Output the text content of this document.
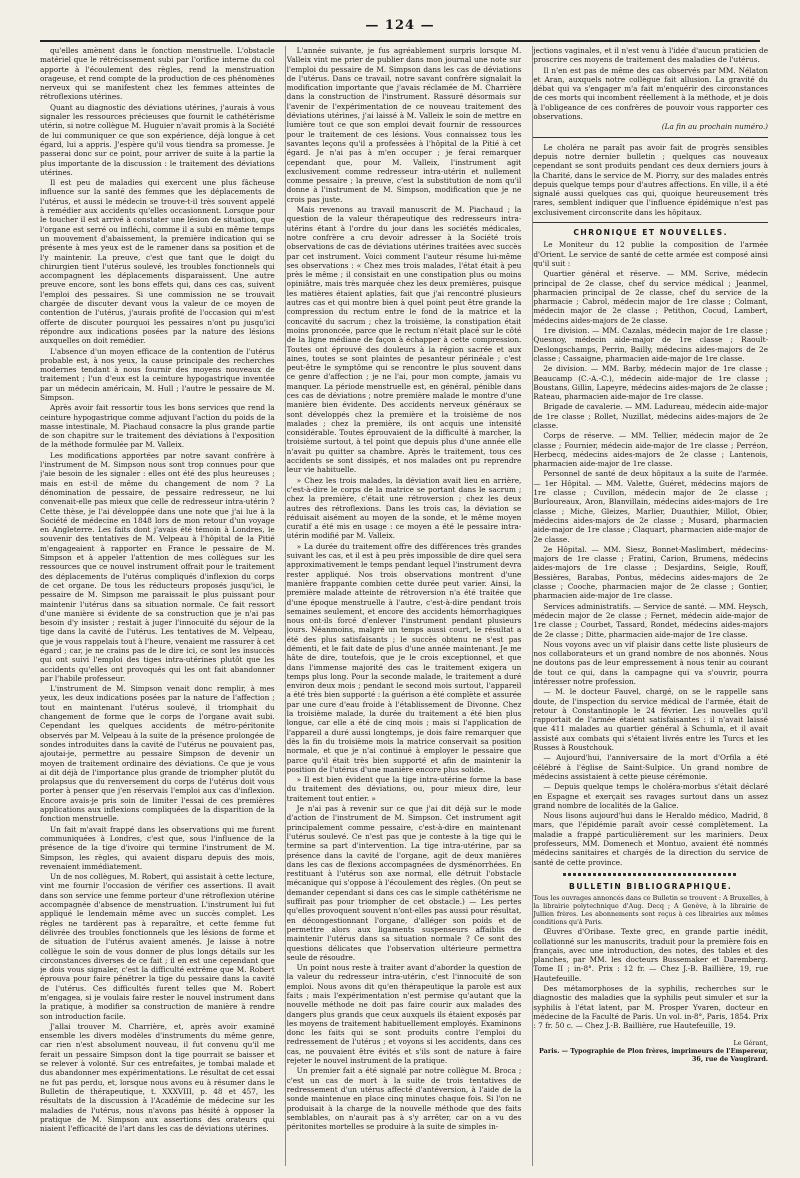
— 124 —

qu'elles amènent dans le fonction menstruelle. L'obstacle matériel que le rétrécissement subi par l'orifice interne du col apporte à l'écoulement des règles, rend la menstruation orageuse, et rend compte de la production de ces phénomènes nerveux qui se manifestent chez les femmes atteintes de rétroflexions utérines.

Quant au diagnostic des déviations utérines, j'aurais à vous signaler les ressources précieuses que fournit le cathétérisme utérin, si notre collègue M. Huguier n'avait promis à la Société de lui communiquer ce que son expérience, déjà longue à cet égard, lui a appris. J'espère qu'il vous tiendra sa promesse. Je passerai donc sur ce point, pour arriver de suite à la partie la plus importante de la discussion : le traitement des déviations utérines.

Il est peu de maladies qui exercent une plus fâcheuse influence sur la santé des femmes que les déplacements de l'utérus, et aussi le médecin se trouve-t-il très souvent appelé à remédier aux accidents qu'elles occasionnent. Lorsque pour le toucher il est arrivé à constater une lésion de situation, que l'organe est serré ou infléchi, comme il a subi en même temps un mouvement d'abaissement, la première indication qui se présente à mes yeux est de le ramener dans sa position et de l'y maintenir. La preuve, c'est que tant que le doigt du chirurgien tient l'utérus soulevé, les troubles fonctionnels qui accompagnent les déplacements disparaissent. Une autre preuve encore, sont les bons effets qui, dans ces cas, suivent l'emploi des pessaires. Si une commission ne se trouvait chargée de discuter devant vous la valeur de ce moyen de contention de l'utérus, j'aurais profité de l'occasion qui m'est offerte de discuter pourquoi les pessaires n'ont pu jusqu'ici répondre aux indications posées par la nature des lésions auxquelles on doit remédier.

L'absence d'un moyen efficace de la contention de l'utérus probable est, à nos yeux, la cause principale des recherches modernes tendant à nous fournir des moyens nouveaux de traitement ; l'un d'eux est la ceinture hypogastrique inventée par un médecin américain, M. Hull ; l'autre le pessaire de M. Simpson.

Après avoir fait ressortir tous les bons services que rend la ceinture hypogastrique comme adjuvant l'action du poids de la masse intestinale, M. Piachaud consacre la plus grande partie de son chapitre sur le traitement des déviations à l'exposition de la méthode formulée par M. Valleix.

Les modifications apportées par notre savant confrère à l'instrument de M. Simpson nous sont trop connues pour que j'aie besoin de les signaler : elles ont été des plus heureuses ; mais en est-il de même du changement de nom ? La dénomination de pessaire, de pessaire redresseur, ne lui convenait-elle pas mieux que celle de redresseur intra-utérin ? Cette thèse, je l'ai développée dans une note que j'ai lue à la Société de médecine en 1848 lors de mon retour d'un voyage en Angleterre. Les faits dont j'avais été témoin à Londres, le souvenir des tentatives de M. Velpeau à l'hôpital de la Pitié m'engageaient à rapporter en France le pessaire de M. Simpson et à appeler l'attention de mes collègues sur les ressources que ce nouvel instrument offrait pour le traitement des déplacements de l'utérus compliqués d'inflexion du corps de cet organe. De tous les réducteurs proposés jusqu'ici, le pessaire de M. Simpson me paraissait le plus puissant pour maintenir l'utérus dans sa situation normale. Ce fait ressort d'une manière si évidente de sa construction que je n'ai pas besoin d'y insister ; restait à juger l'innocuité du séjour de la tige dans la cavité de l'utérus. Les tentatives de M. Velpeau, que je vous rappelais tout à l'heure, venaient me rassurer à cet égard ; car, je ne crains pas de le dire ici, ce sont les insuccès qui ont suivi l'emploi des tiges intra-utérines plutôt que les accidents qu'elles ont provoqués qui les ont fait abandonner par l'habile professeur.

L'instrument de M. Simpson venait donc remplir, à mes yeux, les deux indications posées par la nature de l'affection ; tout en maintenant l'utérus soulevé, il triomphait du changement de forme que le corps de l'organe avait subi. Cependant les quelques accidents de métro-péritonite observés par M. Velpeau à la suite de la présence prolongée de sondes introduites dans la cavité de l'utérus ne pouvaient pas, ajoutai-je, permettre au pessaire Simpson de devenir un moyen de traitement ordinaire des déviations. Ce que je vous ai dit déjà de l'importance plus grande de triompher plutôt du prolapsus que du renversement du corps de l'utérus doit vous porter à penser que j'en réservais l'emploi aux cas d'inflexion. Encore avais-je pris soin de limiter l'essai de ces premières applications aux inflexions compliquées de la disparition de la fonction menstruelle.

Un fait m'avait frappé dans les observations qui me furent communiquées à Londres, c'est que, sous l'influence de la présence de la tige d'ivoire qui termine l'instrument de M. Simpson, les règles, qui avaient disparu depuis des mois, revenaient immédiatement.

Un de nos collègues, M. Robert, qui assistait à cette lecture, vint me fournir l'occasion de vérifier ces assertions. Il avait dans son service une femme porteur d'une rétroflexion utérine accompagnée d'absence de menstruation. L'instrument lui fut appliqué le lendemain même avec un succès complet. Les règles ne tardèrent pas à reparaître, et cette femme fut délivrée des troubles fonctionnels que les lésions de forme et de situation de l'utérus avaient amenés. Je laisse à notre collègue le soin de vous donner de plus longs détails sur les circonstances diverses de ce fait ; il en est une cependant que je dois vous signaler, c'est la difficulté extrême que M. Robert éprouva pour faire pénétrer la tige du pessaire dans la cavité de l'utérus. Ces difficultés furent telles que M. Robert m'engagea, si je voulais faire rester le nouvel instrument dans la pratique, à modifier sa construction de manière à rendre son introduction facile.

J'allai trouver M. Charrière, et, après avoir examiné ensemble les divers modèles d'instruments du même genre, car rien n'est absolument nouveau, il fut convenu qu'il me ferait un pessaire Simpson dont la tige pourrait se baisser et se relever à volonté. Sur ces entrefaites, je tombai malade et dus abandonner mes expérimentations. Le résultat de cet essai ne fut pas perdu, et, lorsque nous avons eu à résumer dans le Bulletin de thérapeutique, t. XXXVIII, p. 48 et 457, les résultats de la discussion à l'Académie de médecine sur les maladies de l'utérus, nous n'avons pas hésité à opposer la pratique de M. Simpson aux assertions des orateurs qui niaient l'efficacité de l'art dans les cas de déviations utérines.

L'année suivante, je fus agréablement surpris lorsque M. Valleix vint me prier de publier dans mon journal une note sur l'emploi du pessaire de M. Simpson dans les cas de déviations de l'utérus. Dans ce travail, notre savant confrère signalait la modification importante que j'avais réclamée de M. Charrière dans la construction de l'instrument. Rassuré désormais sur l'avenir de l'expérimentation de ce nouveau traitement des déviations utérines, j'ai laissé à M. Valleix le soin de mettre en lumière tout ce que son emploi devait fournir de ressources pour le traitement de ces lésions. Vous connaissez tous les savantes leçons qu'il a professées à l'hôpital de la Pitié à cet égard. Je n'ai pas à m'en occuper ; je ferai remarquer cependant que, pour M. Valleix, l'instrument agit exclusivement comme redresseur intra-utérin et nullement comme pessaire ; la preuve, c'est la substitution de nom qu'il donne à l'instrument de M. Simpson, modification que je ne crois pas juste.

Mais revenons au travail manuscrit de M. Piachaud ; la question de la valeur thérapeutique des redresseurs intra-utérins étant à l'ordre du jour dans les sociétés médicales, notre confrère a cru devoir adresser à la Société trois observations de cas de déviations utérines traitées avec succès par cet instrument. Voici comment l'auteur résume lui-même ses observations : « Chez mes trois malades, l'état était à peu près le même ; il consistait en une constipation plus ou moins opiniâtre, mais très marquée chez les deux premières, puisque les matières étaient aplaties, fait que j'ai rencontré plusieurs autres cas et qui montre bien à quel point peut être grande la compression du rectum entre le fond de la matrice et la concavité du sacrum ; chez la troisième, la constipation était moins prononcée, parce que le rectum n'était placé sur le côté de la ligne médiane de façon à échapper à cette compression. Toutes ont éprouvé des douleurs à la région sacrée et aux aines, toutes se sont plaintes de pesanteur périnéale ; c'est peut-être le symptôme qui se rencontre le plus souvent dans ce genre d'affection ; je ne l'ai, pour mon compte, jamais vu manquer. La période menstruelle est, en général, pénible dans ces cas de déviations ; notre première malade le montre d'une manière bien évidente. Des accidents nerveux généraux se sont développés chez la première et la troisième de nos malades ; chez la première, ils ont acquis une intensité considérable. Toutes éprouvaient de la difficulté à marcher, la troisième surtout, à tel point que depuis plus d'une année elle n'avait pu quitter sa chambre. Après le traitement, tous ces accidents se sont dissipés, et nos malades ont pu reprendre leur vie habituelle.

» Chez les trois malades, la déviation avait lieu en arrière, c'est-à-dire le corps de la matrice se portant dans le sacrum ; chez la première, c'était une rétroversion ; chez les deux autres des rétroflexions. Dans les trois cas, la déviation se réduisait aisément au moyen de la sonde, et le même moyen curatif a été mis en usage : ce moyen a été le pessaire intra-utérin modifié par M. Valleix.

» La durée du traitement offre des différences très grandes suivant les cas, et il est à peu près impossible de dire quel sera approximativement le temps pendant lequel l'instrument devra rester appliqué. Nos trois observations montrent d'une manière frappante combien cette durée peut varier. Ainsi, la première malade atteinte de rétroversion n'a été traitée que d'une époque menstruelle à l'autre, c'est-à-dire pendant trois semaines seulement, et encore des accidents hémorrhagiques nous ont-ils forcé d'enlever l'instrument pendant plusieurs jours. Néanmoins, malgré un temps aussi court, le résultat a été des plus satisfaisants ; le succès obtenu ne s'est pas démenti, et le fait date de plus d'une année maintenant. Je me hâte de dire, toutefois, que je le crois exceptionnel, et que dans l'immense majorité des cas le traitement exigera un temps plus long. Pour la seconde malade, le traitement a duré environ deux mois ; pendant le second mois surtout, l'appareil a été très bien supporté : la guérison a été complète et assurée par une cure d'eau froide à l'établissement de Divonne. Chez la troisième malade, la durée du traitement a été bien plus longue, car elle a été de cinq mois ; mais si l'application de l'appareil a duré aussi longtemps, je dois faire remarquer que dès la fin du troisième mois la matrice conservait sa position normale, et que je n'ai continué à employer le pessaire que parce qu'il était très bien supporté et afin de maintenir la position de l'utérus d'une manière encore plus solide.

» Il est bien évident que la tige intra-utérine forme la base du traitement des déviations, ou, pour mieux dire, leur traitement tout entier. »

Je n'ai pas à revenir sur ce que j'ai dit déjà sur le mode d'action de l'instrument de M. Simpson. Cet instrument agit principalement comme pessaire, c'est-à-dire en maintenant l'utérus soulevé. Ce n'est pas que je conteste à la tige qui le termine sa part d'intervention. La tige intra-utérine, par sa présence dans la cavité de l'organe, agit de deux manières dans les cas de flexions accompagnées de dysménorrhées. En restituant à l'utérus son axe normal, elle détruit l'obstacle mécanique qui s'oppose à l'écoulement des règles. (On peut se demander cependant si dans ces cas le simple cathétérisme ne suffirait pas pour triompher de cet obstacle.) — Les pertes qu'elles provoquent souvent n'ont-elles pas aussi pour résultat, en décongestionnant l'organe, d'alléger son poids et de permettre alors aux ligaments suspenseurs affaiblis de maintenir l'utérus dans sa situation normale ? Ce sont des questions délicates que l'observation ultérieure permettra seule de résoudre.

Un point nous reste à traiter avant d'aborder la question de la valeur du redresseur intra-utérin, c'est l'innocuité de son emploi. Nous avons dit qu'en thérapeutique la parole est aux faits ; mais l'expérimentation n'est permise qu'autant que la nouvelle méthode ne doit pas faire courir aux malades des dangers plus grands que ceux auxquels ils étaient exposés par les moyens de traitement habituellement employés. Examinons donc les faits qui se sont produits contre l'emploi du redressement de l'utérus ; et voyons si les accidents, dans ces cas, ne pouvaient être évités et s'ils sont de nature à faire rejeter le nouvel instrument de la pratique.

Un premier fait a été signalé par notre collègue M. Broca ; c'est un cas de mort à la suite de trois tentatives de redressement d'un utérus affecté d'antéversion, à l'aide de la sonde maintenue en place cinq minutes chaque fois. Si l'on ne produisait à la charge de la nouvelle méthode que des faits semblables, on n'aurait pas à s'y arrêter, car on a vu des péritonites mortelles se produire à la suite de simples in-

jections vaginales, et il n'est venu à l'idée d'aucun praticien de proscrire ces moyens de traitement des maladies de l'utérus.

Il n'en est pas de même des cas observés par MM. Nélaton et Aran, auxquels notre collègue fait allusion. La gravité du débat qui va s'engager m'a fait m'enquérir des circonstances de ces morts qui incombent réellement à la méthode, et je dois à l'obligeance de ces confrères de pouvoir vous rapporter ces observations.

(La fin au prochain numéro.)

Le choléra ne paraît pas avoir fait de progrès sensibles depuis notre dernier bulletin ; quelques cas nouveaux cependant se sont produits pendant ces deux derniers jours à la Charité, dans le service de M. Piorry, sur des malades entrés depuis quelque temps pour d'autres affections. En ville, il a été signalé aussi quelques cas qui, quoique heureusement très rares, semblent indiquer que l'influence épidémique n'est pas exclusivement circonscrite dans les hôpitaux.

CHRONIQUE ET NOUVELLES.

Le Moniteur du 12 publie la composition de l'armée d'Orient. Le service de santé de cette armée est composé ainsi qu'il suit :

Quartier général et réserve. — MM. Scrive, médecin principal de 2e classe, chef du service médical ; Jeanmel, pharmacien principal de 2e classe, chef du service de la pharmacie ; Cabrol, médecin major de 1re classe ; Colmant, médecin major de 2e classe ; Petithon, Cocud, Lambert, médecins aides-majors de 2e classe.

1re division. — MM. Cazalas, médecin major de 1re classe ; Quesnoy, médecin aide-major de 1re classe ; Raoult-Deslongschamps, Perrin, Bailly, médecins aides-majors de 2e classe ; Cassaigne, pharmacien aide-major de 1re classe.

2e division. — MM. Barby, médecin major de 1re classe ; Beaucamp (C.-A.-C.), médecin aide-major de 1re classe ; Boustans, Gillin, Lapeyre, médecins aides-majors de 2e classe ; Rateau, pharmacien aide-major de 1re classe.

Brigade de cavalerie. — MM. Ladureau, médecin aide-major de 1re classe ; Rollet, Nuzillat, médecins aides-majors de 2e classe.

Corps de réserve. — MM. Tellier, médecin major de 2e classe ; Fournier, médecin aide-major de 1re classe ; Perréon, Herbecq, médecins aides-majors de 2e classe ; Lantenois, pharmacien aide-major de 1re classe.

Personnel de santé de deux hôpitaux a la suite de l'armée. — 1er Hôpital. — MM. Valette, Guéret, médecins majors de 1re classe ; Cuvillon, médecin major de 2e classe ; Burloureaux, Aron, Blanvillain, médecins aides-majors de 1re classe ; Miche, Gleizes, Marlier, Duauthier, Millot, Obier, médecins aides-majors de 2e classe ; Musard, pharmacien aide-major de 1re classe ; Claquart, pharmacien aide-major de 2e classe.

2e Hôpital. — MM. Siesz, Bonnet-Maslimbert, médecins-majors de 1re classe ; Fratini, Carion, Brumens, médecins aides-majors de 1re classe ; Desjardins, Seigle, Rouff, Bessières, Barabas, Pontus, médecins aides-majors de 2e classe ; Cooche, pharmacien major de 2e classe ; Gontier, pharmacien aide-major de 1re classe.

Services administratifs. — Service de santé. — MM. Heysch, médecin major de 2e classe ; Fernet, médecin aide-major de 1re classe ; Courbet, Tassard, Rondet, médecins aides-majors de 2e classe ; Ditte, pharmacien aide-major de 1re classe.

Nous voyons avec un vif plaisir dans cette liste plusieurs de nos collaborateurs et un grand nombre de nos abonnés. Nous ne doutons pas de leur empressement à nous tenir au courant de tout ce qui, dans la campagne qui va s'ouvrir, pourra intéresser notre profession.

— M. le docteur Fauvel, chargé, on se le rappelle sans doute, de l'inspection du service médical de l'armée, était de retour à Constantinople le 24 février. Les nouvelles qu'il rapportait de l'armée étaient satisfaisantes : il n'avait laissé que 411 malades au quartier général à Schumla, et il avait assisté aux combats qui s'étaient livrés entre les Turcs et les Russes à Roustchouk.

— Aujourd'hui, l'anniversaire de la mort d'Orfila a été célébré à l'église de Saint-Sulpice. Un grand nombre de médecins assistaient à cette pieuse cérémonie.

— Depuis quelque temps le choléra-morbus s'était déclaré en Espagne et exerçait ses ravages surtout dans un assez grand nombre de localités de la Galice.

Nous lisons aujourd'hui dans le Heraldo médico, Madrid, 8 mars, que l'épidémie paraît avoir cessé complètement. La maladie a frappé particulièrement sur les mariniers. Deux professeurs, MM. Domenech et Montuo, avaient été nommés médecins sanitaires et chargés de la direction du service de santé de cette province.

BULLETIN BIBLIOGRAPHIQUE.

Tous les ouvrages annoncés dans ce Bulletin se trouvent : A Bruxelles, à la librairie polytechnique d'Aug. Decq ; A Genève, à la librairie de Jullien frères. Les abonnements sont reçus à ces librairies aux mêmes conditions qu'à Paris.

Œuvres d'Oribase. Texte grec, en grande partie inédit, collationné sur les manuscrits, traduit pour la première fois en français, avec une introduction, des notes, des tables et des planches, par MM. les docteurs Bussemaker et Daremberg. Tome II ; in-8°. Prix : 12 fr. — Chez J.-B. Baillière, 19, rue Hautefeuille.

Des métamorphoses de la syphilis, recherches sur le diagnostic des maladies que la syphilis peut simuler et sur la syphilis à l'état latent, par M. Prosper Yvaren, docteur en médecine de la Faculté de Paris. Un vol. in-8°, Paris, 1854. Prix : 7 fr. 50 c. — Chez J.-B. Baillière, rue Hautefeuille, 19.

Le Gérant,
Paris. — Typographie de Plon frères, imprimeurs de l'Empereur, 36, rue de Vaugirard.
